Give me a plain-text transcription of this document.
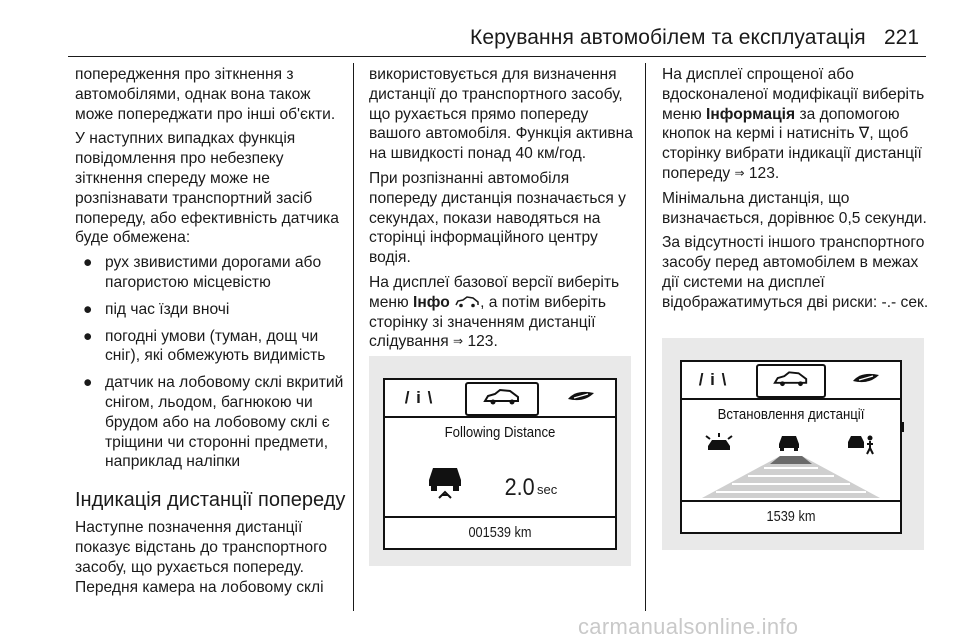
Керування автомобілем та експлуатація 221

попередження про зіткнення з автомобілями, однак вона також може попереджати про інші об'єкти.

У наступних випадках функція повідомлення про небезпеку зіткнення спереду може не розпізнавати транспортний засіб попереду, або ефективність датчика буде обмежена:

● рух звивистими дорогами або пагористою місцевістю
● під час їзди вночі
● погодні умови (туман, дощ чи сніг), які обмежують видимість
● датчик на лобовому склі вкритий снігом, льодом, багнюкою чи брудом або на лобовому склі є тріщини чи сторонні предмети, наприклад наліпки
Індикація дистанції попереду

Наступне позначення дистанції показує відстань до транспортного засобу, що рухається попереду. Передня камера на лобовому склі

використовується для визначення дистанції до транспортного засобу, що рухається прямо попереду вашого автомобіля. Функція активна на швидкості понад 40 км/год.

При розпізнанні автомобіля попереду дистанція позначається у секундах, покази наводяться на сторінці інформаційного центру водія.

На дисплеї базової версії виберіть меню Інфо , а потім виберіть сторінку зі значенням дистанції слідування ⇒ 123.

На дисплеї спрощеної або вдосконаленої модифікації виберіть меню Інформація за допомогою кнопок на кермі і натисніть ∇, щоб сторінку вибрати індикації дистанції попереду ⇒ 123.

Мінімальна дистанція, що визначається, дорівнює 0,5 секунди.

За відсутності іншого транспортного засобу перед автомобілем в межах дії системи на дисплеї відображатимуться дві риски: -.- сек.

/ i \
Following Distance
2.0 sec
001539 km
/ i \
Встановлення дистанції
1539 km
carmanualsonline.info
